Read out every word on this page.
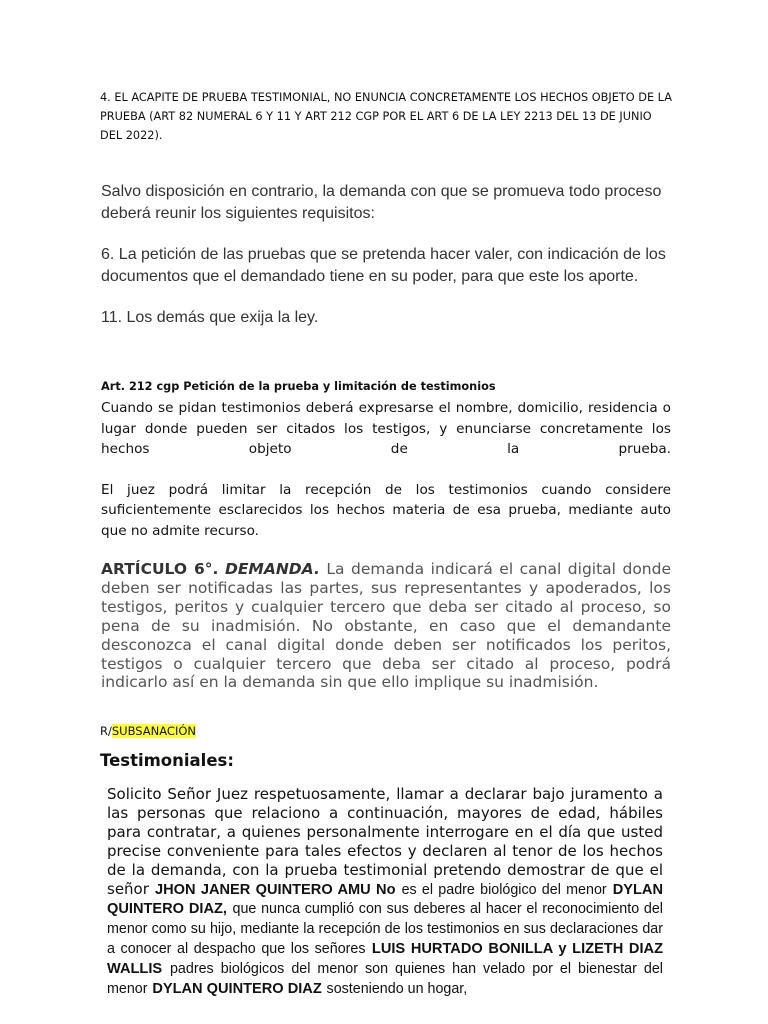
4. EL ACAPITE DE PRUEBA TESTIMONIAL, NO ENUNCIA CONCRETAMENTE LOS HECHOS OBJETO DE LA PRUEBA (ART 82 NUMERAL 6 Y 11 Y ART 212 CGP POR EL ART 6 DE LA LEY 2213 DEL 13 DE JUNIO DEL 2022).

Salvo disposición en contrario, la demanda con que se promueva todo proceso deberá reunir los siguientes requisitos:

6. La petición de las pruebas que se pretenda hacer valer, con indicación de los documentos que el demandado tiene en su poder, para que este los aporte.

11. Los demás que exija la ley.

Art. 212 cgp Petición de la prueba y limitación de testimonios

Cuando se pidan testimonios deberá expresarse el nombre, domicilio, residencia o lugar donde pueden ser citados los testigos, y enunciarse concretamente los hechos objeto de la prueba.

El juez podrá limitar la recepción de los testimonios cuando considere suficientemente esclarecidos los hechos materia de esa prueba, mediante auto que no admite recurso.

ARTÍCULO 6°. DEMANDA. La demanda indicará el canal digital donde deben ser notificadas las partes, sus representantes y apoderados, los testigos, peritos y cualquier tercero que deba ser citado al proceso, so pena de su inadmisión. No obstante, en caso que el demandante desconozca el canal digital donde deben ser notificados los peritos, testigos o cualquier tercero que deba ser citado al proceso, podrá indicarlo así en la demanda sin que ello implique su inadmisión.
R/SUBSANACIÓN
Testimoniales:
Solicito Señor Juez respetuosamente, llamar a declarar bajo juramento a las personas que relaciono a continuación, mayores de edad, hábiles para contratar, a quienes personalmente interrogare en el día que usted precise conveniente para tales efectos y declaren al tenor de los hechos de la demanda, con la prueba testimonial pretendo demostrar de que el señor JHON JANER QUINTERO AMU No es el padre biológico del menor DYLAN QUINTERO DIAZ, que nunca cumplió con sus deberes al hacer el reconocimiento del menor como su hijo, mediante la recepción de los testimonios en sus declaraciones dar a conocer al despacho que los señores LUIS HURTADO BONILLA y LIZETH DIAZ WALLIS padres biológicos del menor son quienes han velado por el bienestar del menor DYLAN QUINTERO DIAZ sosteniendo un hogar,
